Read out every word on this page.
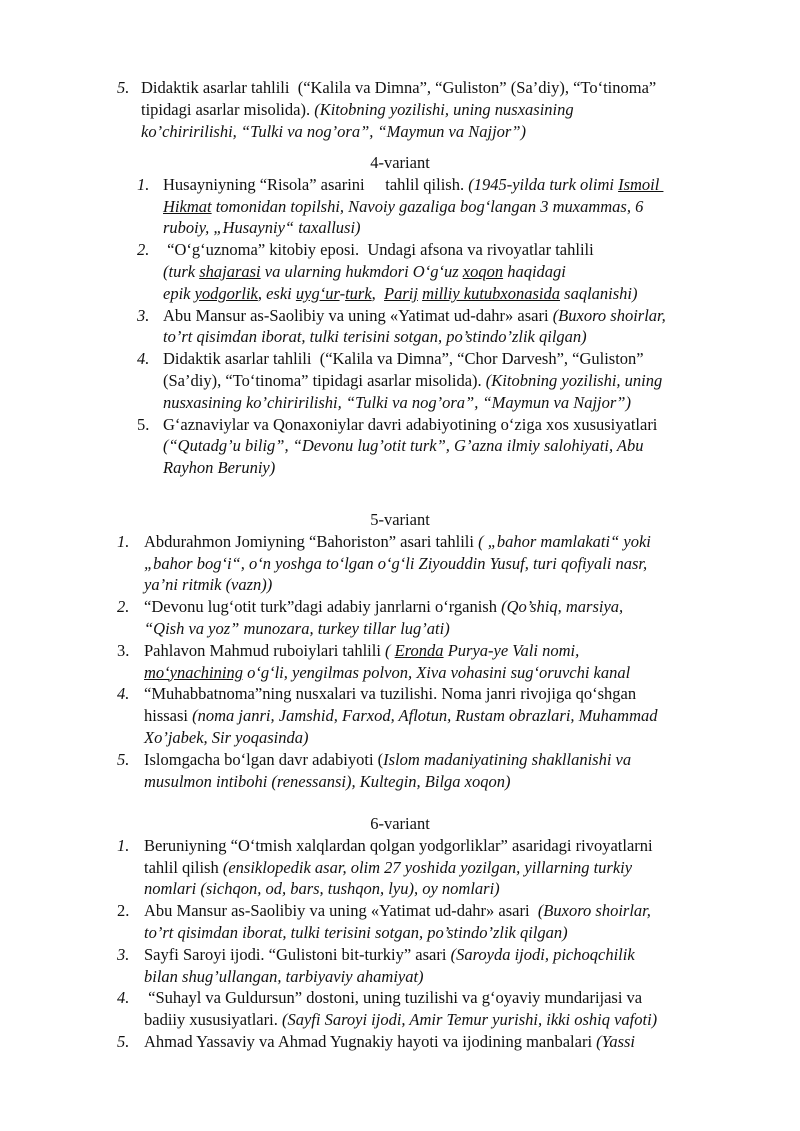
5. Didaktik asarlar tahlili  (“Kalila va Dimna”, “Guliston” (Sa’diy), “To‘tinoma”
tipidagi asarlar misolida). (Kitobning yozilishi, uning nusxasining
ko’chiririlishi, “Tulki va nog’ora”, “Maymun va Najjor”)

4-variant

1. Husayniyning “Risola” asarini     tahlil qilish. (1945-yilda turk olimi Ismoil
Hikmat tomonidan topilshi, Navoiy gazaliga bog‘langan 3 muxammas, 6
ruboiy, „Husayniy“ taxallusi)
2. “O‘g‘uznoma” kitobiy eposi.  Undagi afsona va rivoyatlar tahlili
(turk shajarasi va ularning hukmdori O‘g‘uz xoqon haqidagi
epik yodgorlik, eski uyg‘ur-turk,  Parij milliy kutubxonasida saqlanishi)
3. Abu Mansur as-Saolibiy va uning «Yatimat ud-dahr» asari (Buxoro shoirlar,
to’rt qisimdan iborat, tulki terisini sotgan, po’stindo’zlik qilgan)
4. Didaktik asarlar tahlili  (“Kalila va Dimna”, “Chor Darvesh”, “Guliston”
(Sa’diy), “To‘tinoma” tipidagi asarlar misolida). (Kitobning yozilishi, uning
nusxasining ko’chiririlishi, “Tulki va nog’ora”, “Maymun va Najjor”)
5. G‘aznaviylar va Qonaxoniylar davri adabiyotining o‘ziga xos xususiyatlari
(“Qutadg’u bilig”, “Devonu lug’otit turk”, G’azna ilmiy salohiyati, Abu
Rayhon Beruniy)

5-variant

1. Abdurahmon Jomiyning “Bahoriston” asari tahlili ( „bahor mamlakati“ yoki
„bahor bog‘i“, o‘n yoshga to‘lgan o‘g‘li Ziyouddin Yusuf, turi qofiyali nasr,
ya’ni ritmik (vazn))
2. “Devonu lug‘otit turk”dagi adabiy janrlarni o‘rganish (Qo’shiq, marsiya,
“Qish va yoz” munozara, turkey tillar lug’ati)
3. Pahlavon Mahmud ruboiylari tahlili ( Eronda Purya-ye Vali nomi,
mo‘ynachining o‘g‘li, yengilmas polvon, Xiva vohasini sug‘oruvchi kanal
4. “Muhabbatnoma”ning nusxalari va tuzilishi. Noma janri rivojiga qo‘shgan
hissasi (noma janri, Jamshid, Farxod, Aflotun, Rustam obrazlari, Muhammad
Xo’jabek, Sir yoqasinda)
5. Islomgacha bo‘lgan davr adabiyoti (Islom madaniyatining shakllanishi va
musulmon intibohi (renessansi), Kultegin, Bilga xoqon)

6-variant

1. Beruniyning “O‘tmish xalqlardan qolgan yodgorliklar” asaridagi rivoyatlarni
tahlil qilish (ensiklopedik asar, olim 27 yoshida yozilgan, yillarning turkiy
nomlari (sichqon, od, bars, tushqon, lyu), oy nomlari)
2. Abu Mansur as-Saolibiy va uning «Yatimat ud-dahr» asari  (Buxoro shoirlar,
to’rt qisimdan iborat, tulki terisini sotgan, po’stindo’zlik qilgan)
3. Sayfi Saroyi ijodi. “Gulistoni bit-turkiy” asari (Saroyda ijodi, pichoqchilik
bilan shug’ullangan, tarbiyaviy ahamiyat)
4. “Suhayl va Guldursun” dostoni, uning tuzilishi va g‘oyaviy mundarijasi va
badiiy xususiyatlari. (Sayfi Saroyi ijodi, Amir Temur yurishi, ikki oshiq vafoti)
5. Ahmad Yassaviy va Ahmad Yugnakiy hayoti va ijodining manbalari (Yassi
